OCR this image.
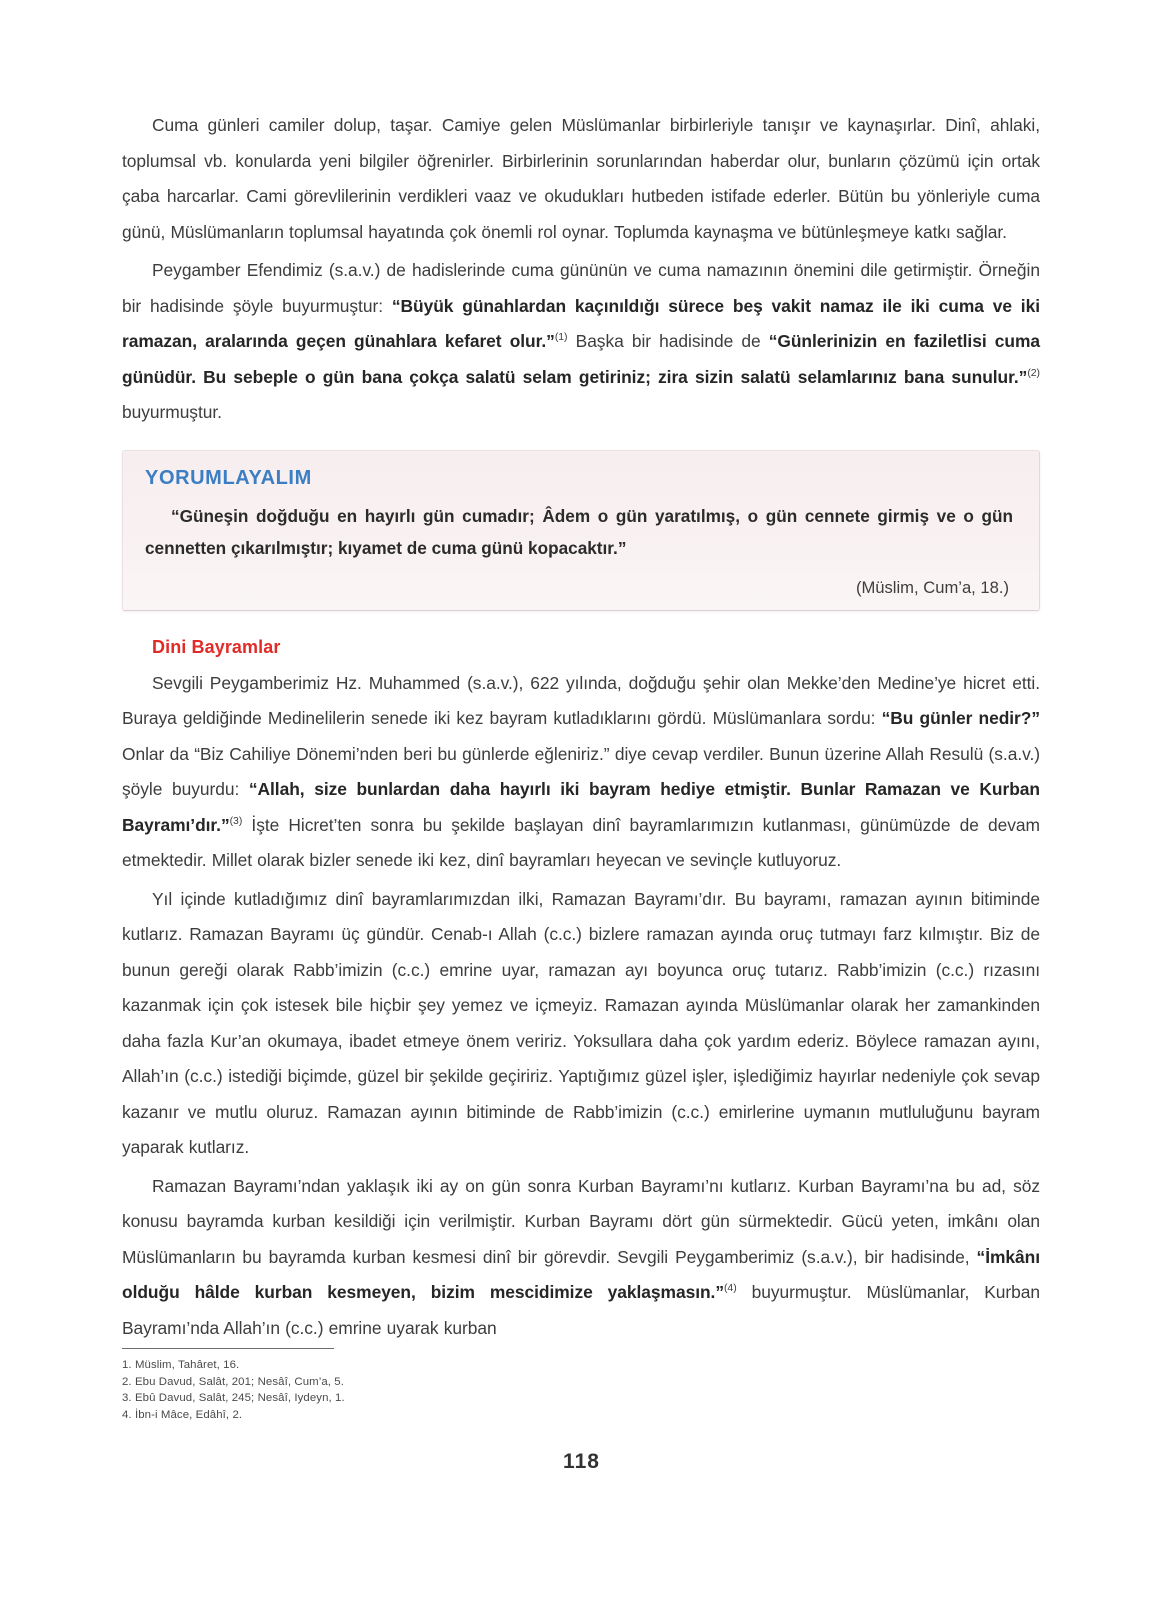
Cuma günleri camiler dolup, taşar. Camiye gelen Müslümanlar birbirleriyle tanışır ve kaynaşırlar. Dinî, ahlaki, toplumsal vb. konularda yeni bilgiler öğrenirler. Birbirlerinin sorunlarından haberdar olur, bunların çözümü için ortak çaba harcarlar. Cami görevlilerinin verdikleri vaaz ve okudukları hutbeden istifade ederler. Bütün bu yönleriyle cuma günü, Müslümanların toplumsal hayatında çok önemli rol oynar. Toplumda kaynaşma ve bütünleşmeye katkı sağlar.

Peygamber Efendimiz (s.a.v.) de hadislerinde cuma gününün ve cuma namazının önemini dile getirmiştir. Örneğin bir hadisinde şöyle buyurmuştur: “Büyük günahlardan kaçınıldığı sürece beş vakit namaz ile iki cuma ve iki ramazan, aralarında geçen günahlara kefaret olur.”$^{(1)}$ Başka bir hadisinde de “Günlerinizin en faziletlisi cuma günüdür. Bu sebeple o gün bana çokça salatü selam getiriniz; zira sizin salatü selamlarınız bana sunulur.”$^{(2)}$ buyurmuştur.

YORUMLAYALIM

“Güneşin doğduğu en hayırlı gün cumadır; Âdem o gün yaratılmış, o gün cennete girmiş ve o gün cennetten çıkarılmıştır; kıyamet de cuma günü kopacaktır.”

(Müslim, Cum’a, 18.)
Dini Bayramlar

Sevgili Peygamberimiz Hz. Muhammed (s.a.v.), 622 yılında, doğduğu şehir olan Mekke’den Medine’ye hicret etti. Buraya geldiğinde Medinelilerin senede iki kez bayram kutladıklarını gördü. Müslümanlara sordu: “Bu günler nedir?” Onlar da “Biz Cahiliye Dönemi’nden beri bu günlerde eğleniriz.” diye cevap verdiler. Bunun üzerine Allah Resulü (s.a.v.) şöyle buyurdu: “Allah, size bunlardan daha hayırlı iki bayram hediye etmiştir. Bunlar Ramazan ve Kurban Bayramı’dır.”$^{(3)}$ İşte Hicret’ten sonra bu şekilde başlayan dinî bayramlarımızın kutlanması, günümüzde de devam etmektedir. Millet olarak bizler senede iki kez, dinî bayramları heyecan ve sevinçle kutluyoruz.

Yıl içinde kutladığımız dinî bayramlarımızdan ilki, Ramazan Bayramı’dır. Bu bayramı, ramazan ayının bitiminde kutlarız. Ramazan Bayramı üç gündür. Cenab-ı Allah (c.c.) bizlere ramazan ayında oruç tutmayı farz kılmıştır. Biz de bunun gereği olarak Rabb’imizin (c.c.) emrine uyar, ramazan ayı boyunca oruç tutarız. Rabb’imizin (c.c.) rızasını kazanmak için çok istesek bile hiçbir şey yemez ve içmeyiz. Ramazan ayında Müslümanlar olarak her zamankinden daha fazla Kur’an okumaya, ibadet etmeye önem veririz. Yoksullara daha çok yardım ederiz. Böylece ramazan ayını, Allah’ın (c.c.) istediği biçimde, güzel bir şekilde geçiririz. Yaptığımız güzel işler, işlediğimiz hayırlar nedeniyle çok sevap kazanır ve mutlu oluruz. Ramazan ayının bitiminde de Rabb’imizin (c.c.) emirlerine uymanın mutluluğunu bayram yaparak kutlarız.

Ramazan Bayramı’ndan yaklaşık iki ay on gün sonra Kurban Bayramı’nı kutlarız. Kurban Bayramı’na bu ad, söz konusu bayramda kurban kesildiği için verilmiştir. Kurban Bayramı dört gün sürmektedir. Gücü yeten, imkânı olan Müslümanların bu bayramda kurban kesmesi dinî bir görevdir. Sevgili Peygamberimiz (s.a.v.), bir hadisinde, “İmkânı olduğu hâlde kurban kesmeyen, bizim mescidimize yaklaşmasın.”$^{(4)}$ buyurmuştur. Müslümanlar, Kurban Bayramı’nda Allah’ın (c.c.) emrine uyarak kurban

1. Müslim, Tahâret, 16.
2. Ebu Davud, Salât, 201; Nesâî, Cum’a, 5.
3. Ebû Davud, Salât, 245; Nesâî, Iydeyn, 1.
4. İbn-i Mâce, Edâhî, 2.
118
